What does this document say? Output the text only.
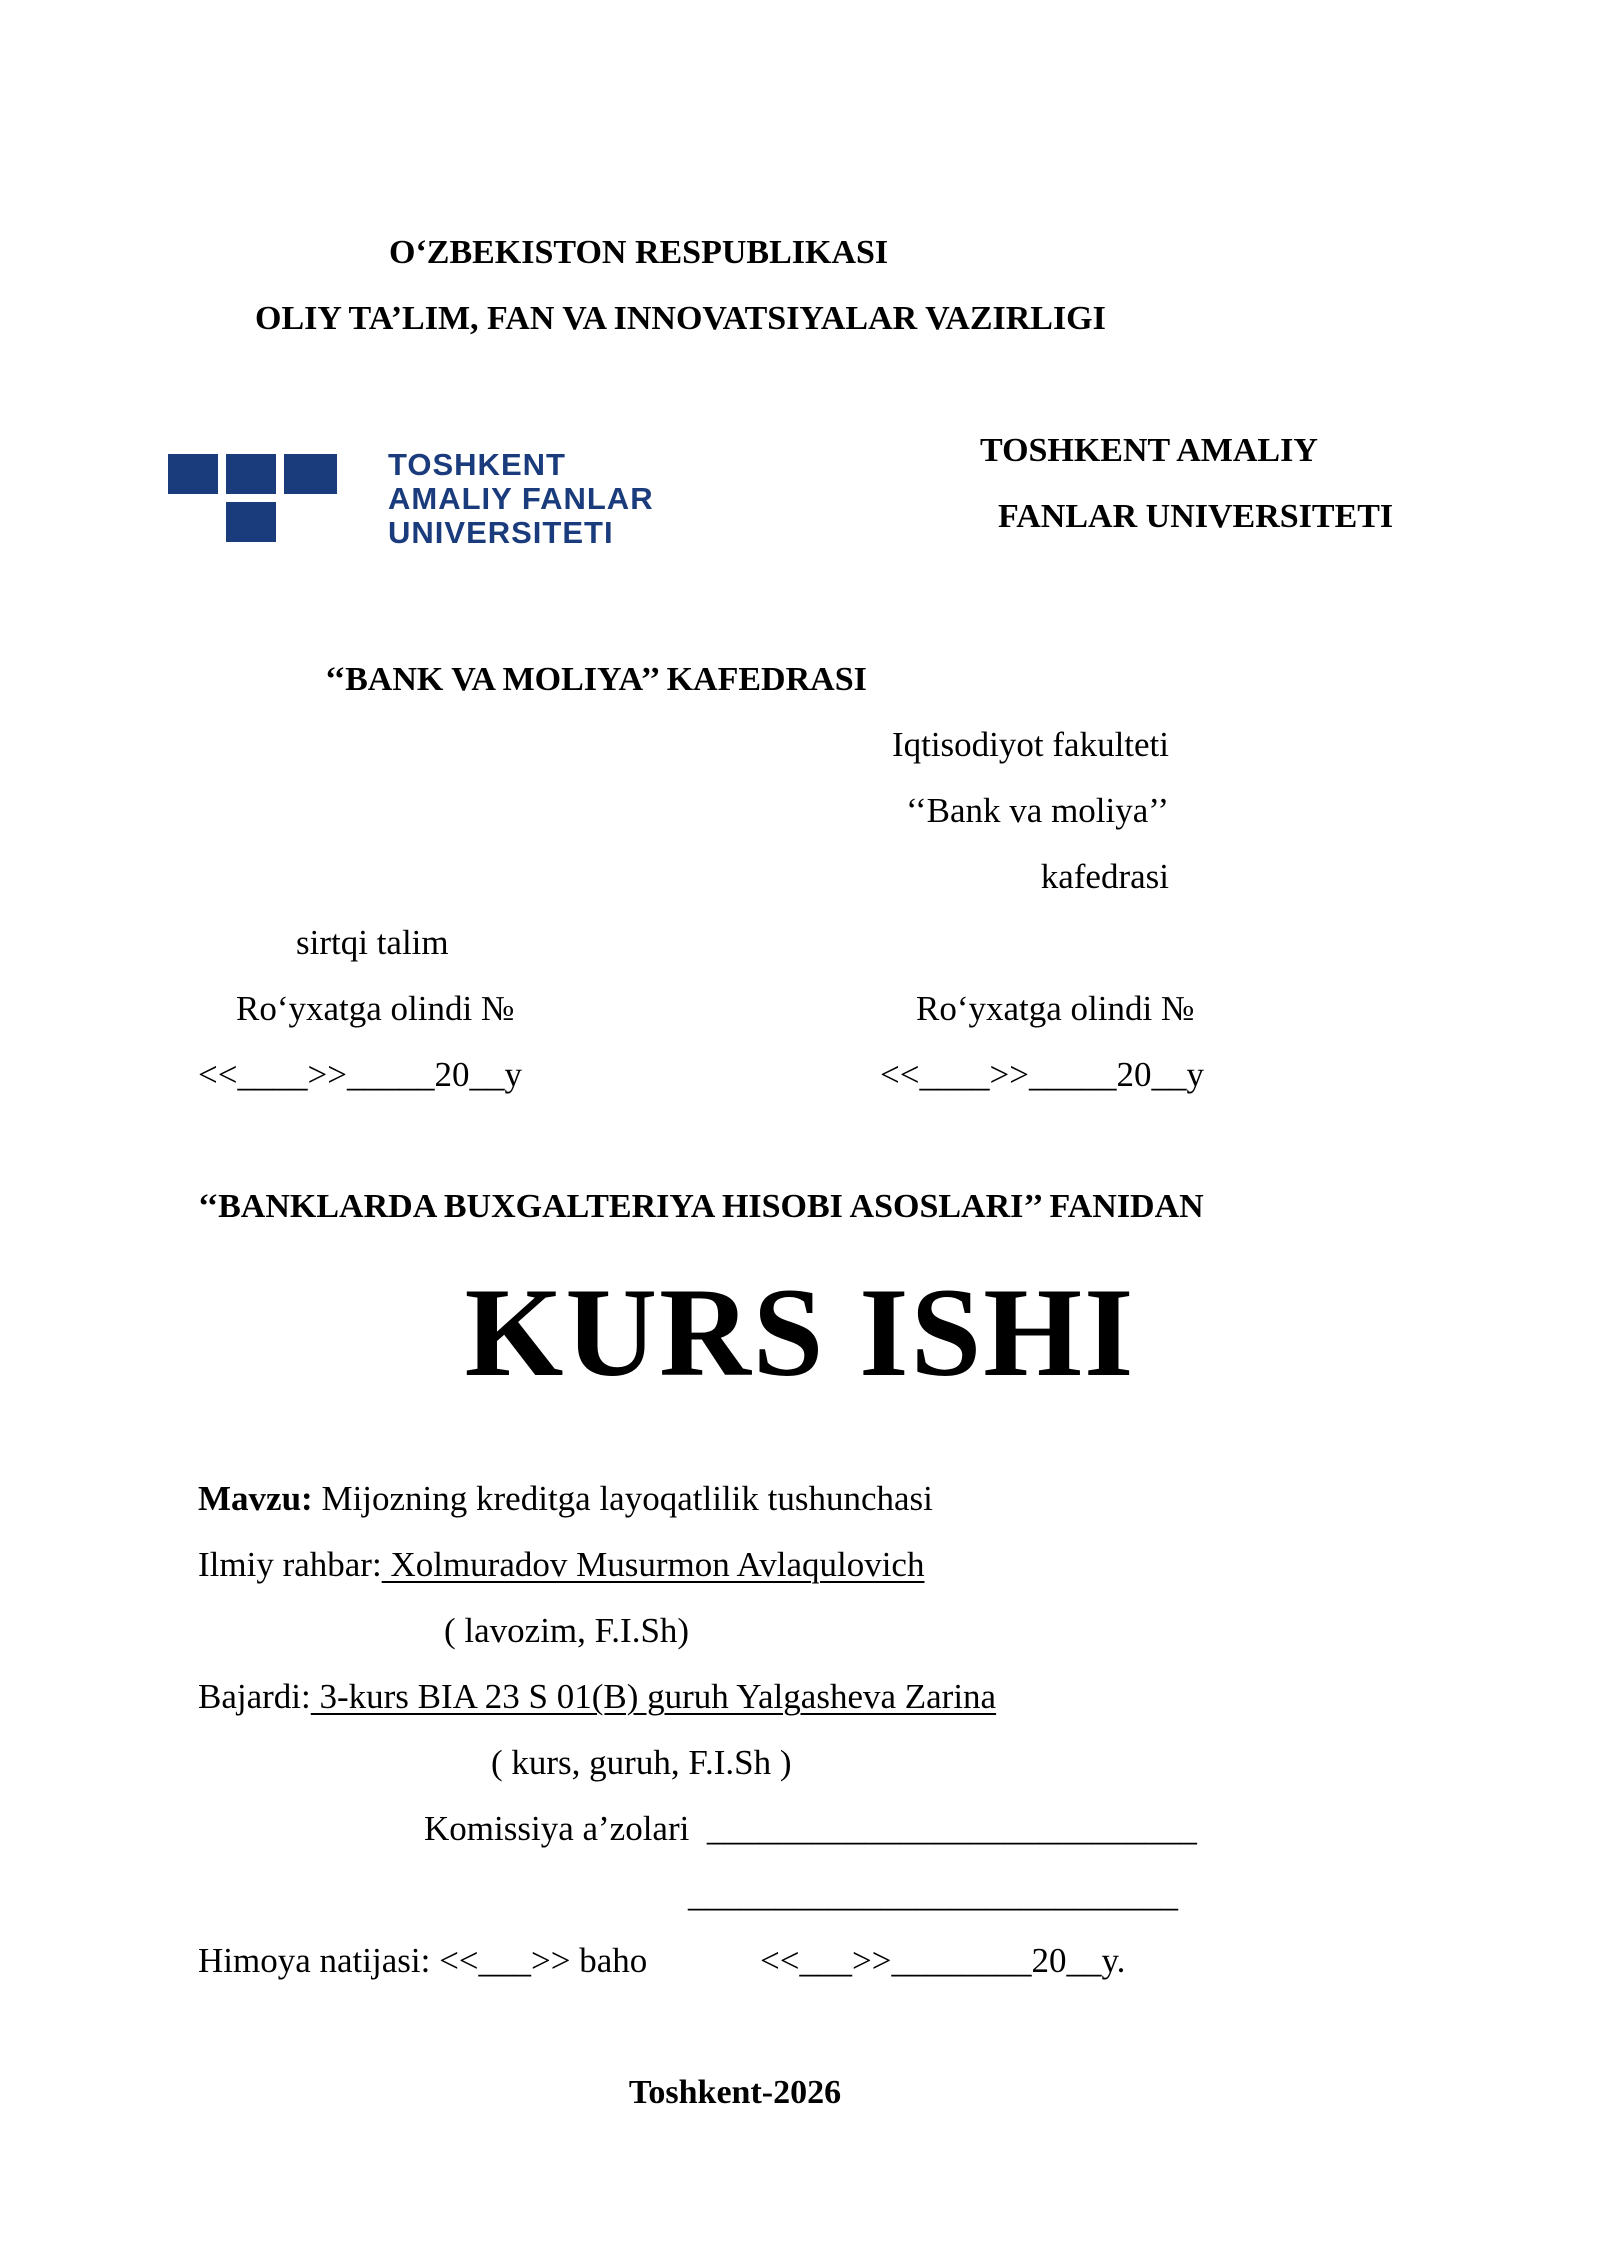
O‘ZBEKISTON RESPUBLIKASI
OLIY TA’LIM, FAN VA INNOVATSIYALAR VAZIRLIGI
TOSHKENT
AMALIY FANLAR
UNIVERSITETI
TOSHKENT AMALIY
FANLAR UNIVERSITETI
‘‘BANK VA MOLIYA’’ KAFEDRASI
Iqtisodiyot fakulteti
‘‘Bank va moliya’’
kafedrasi
sirtqi talim
Ro‘yxatga olindi №
<<____>>_____20__y
Ro‘yxatga olindi №
<<____>>_____20__y
‘‘BANKLARDA BUXGALTERIYA HISOBI ASOSLARI’’ FANIDAN
KURS ISHI
Mavzu: Mijozning kreditga layoqatlilik tushunchasi
Ilmiy rahbar: Xolmuradov Musurmon Avlaqulovich
( lavozim, F.I.Sh)
Bajardi: 3-kurs BIA 23 S 01(B) guruh Yalgasheva Zarina
( kurs, guruh, F.I.Sh )
Komissiya a’zolari ____________________________
____________________________
Himoya natijasi: <<___>> baho	<<___>>________20__y.
Toshkent-2026
